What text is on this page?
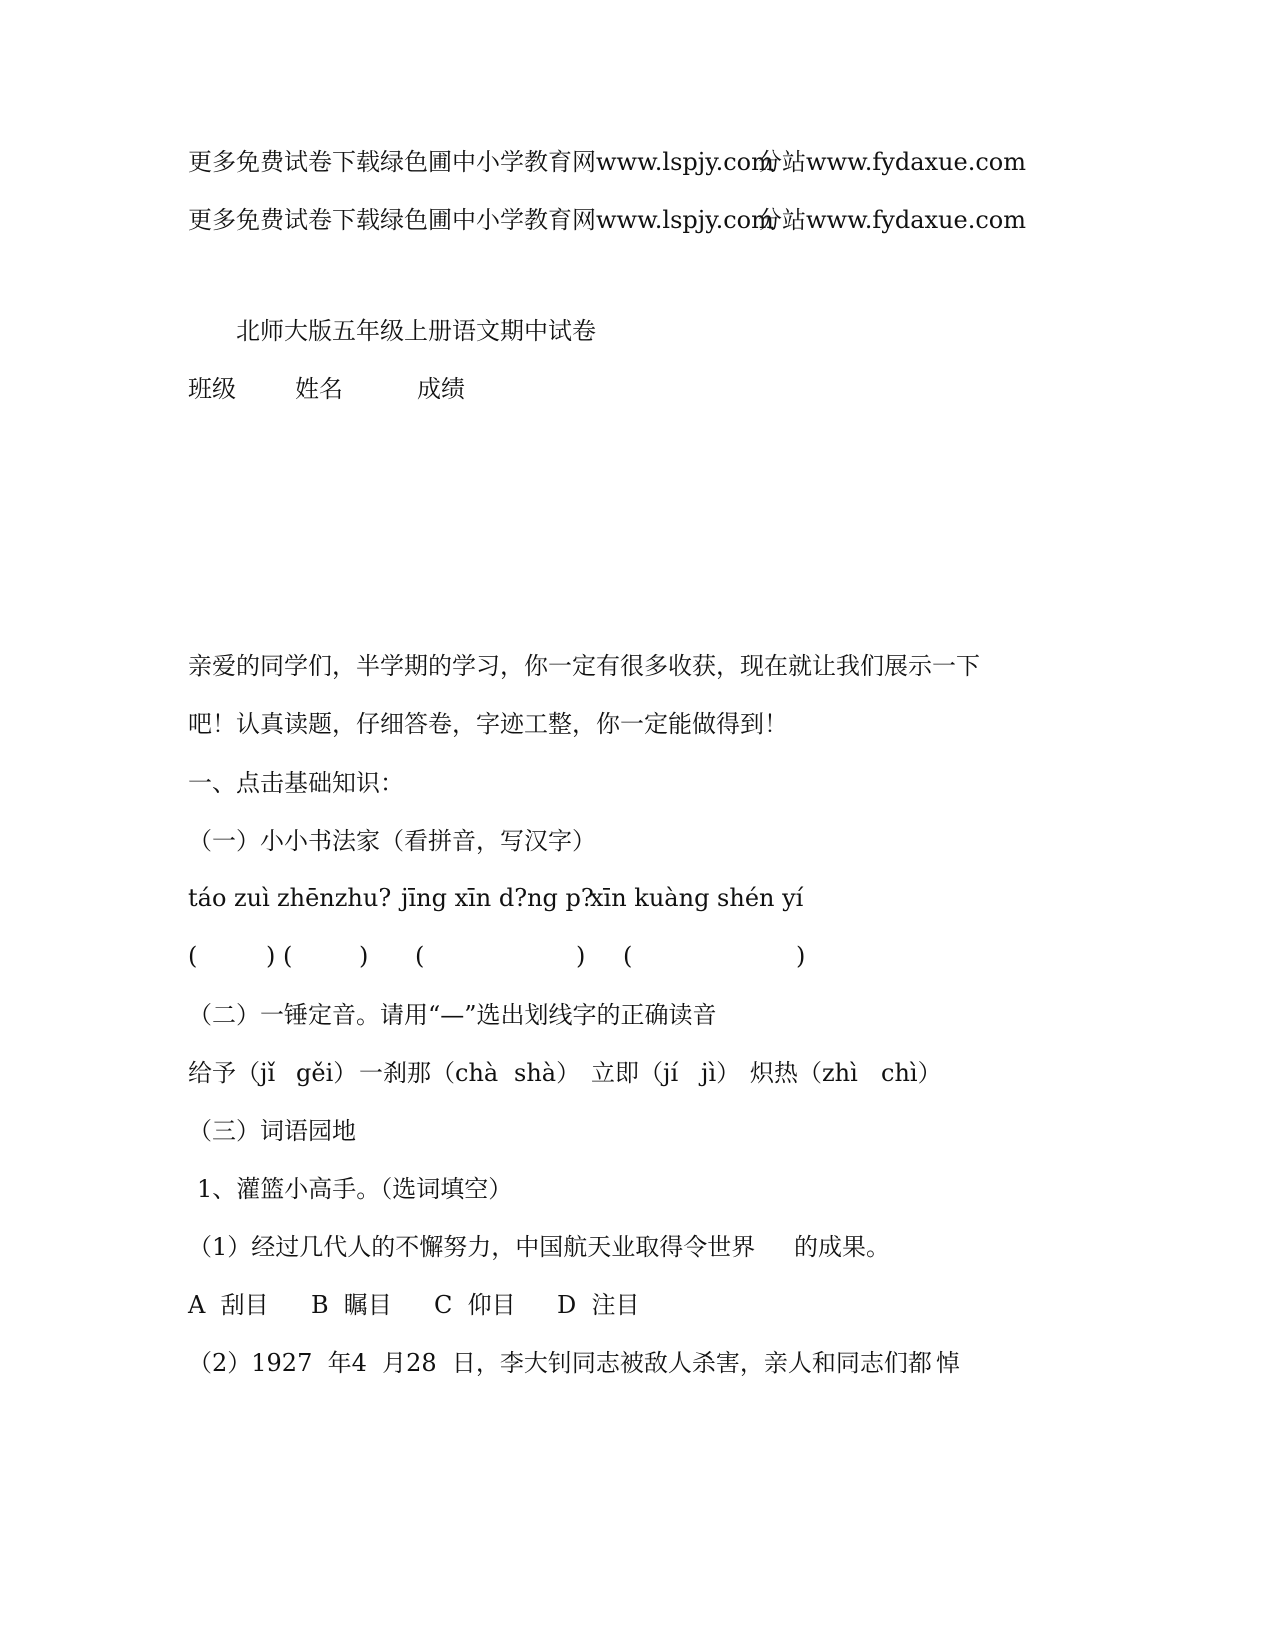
更多免费试卷下载绿色圃中小学教育网www.lspjy.com
分站www.fydaxue.com
更多免费试卷下载绿色圃中小学教育网www.lspjy.com
分站www.fydaxue.com
北师大版五年级上册语文期中试卷
班级 姓名	成绩
亲爱的同学们，半学期的学习，你一定有很多收获，现在就让我们展示一下
吧！认真读题，仔细答卷，字迹工整，你一定能做得到！
一、点击基础知识：
（一）小小书法家（看拼音，写汉字）
táo zuì zhēnzhu? jīng xīn d?ng p?
xīn kuàng shén yí
(	) (	) (	) (	)
（二）一锤定音。请用“—”选出划线字的正确读音
给予（jǐ gěi） 一刹那（chà shà） 立即（jí jì） 炽热（zhì chì）
（三）词语园地
1、灌篮小高手。（选词填空）
（1）经过几代人的不懈努力，中国航天业取得令世界 的成果。
A  刮目 B  瞩目 C  仰目 D  注目
（2）1927  年4  月28  日，李大钊同志被敌人杀害，亲人和同志们都 悼
